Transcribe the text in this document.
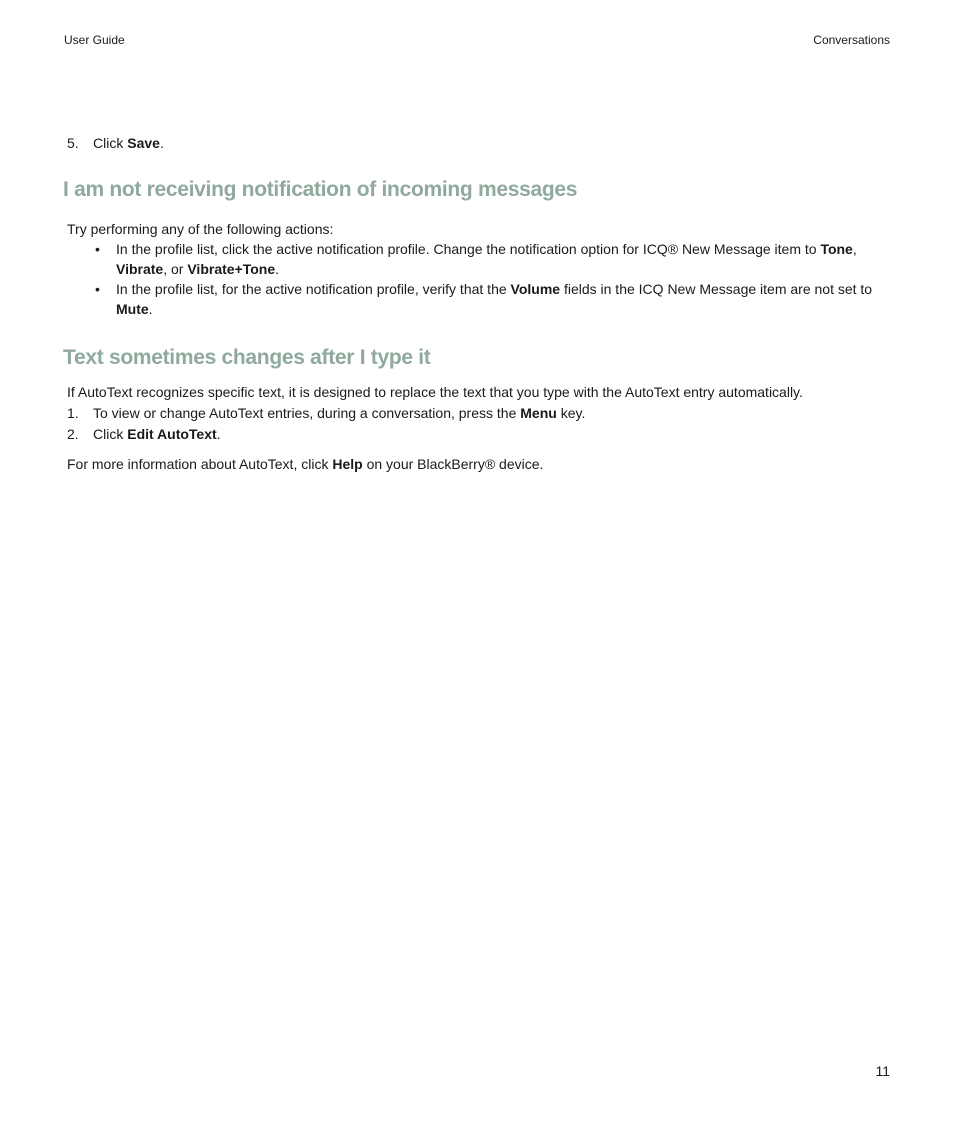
User Guide	Conversations
5. Click Save.
I am not receiving notification of incoming messages
Try performing any of the following actions:
• In the profile list, click the active notification profile. Change the notification option for ICQ® New Message item to Tone, Vibrate, or Vibrate+Tone.
• In the profile list, for the active notification profile, verify that the Volume fields in the ICQ New Message item are not set to Mute.
Text sometimes changes after I type it
If AutoText recognizes specific text, it is designed to replace the text that you type with the AutoText entry automatically.
1. To view or change AutoText entries, during a conversation, press the Menu key.
2. Click Edit AutoText.
For more information about AutoText, click Help on your BlackBerry® device.
11
